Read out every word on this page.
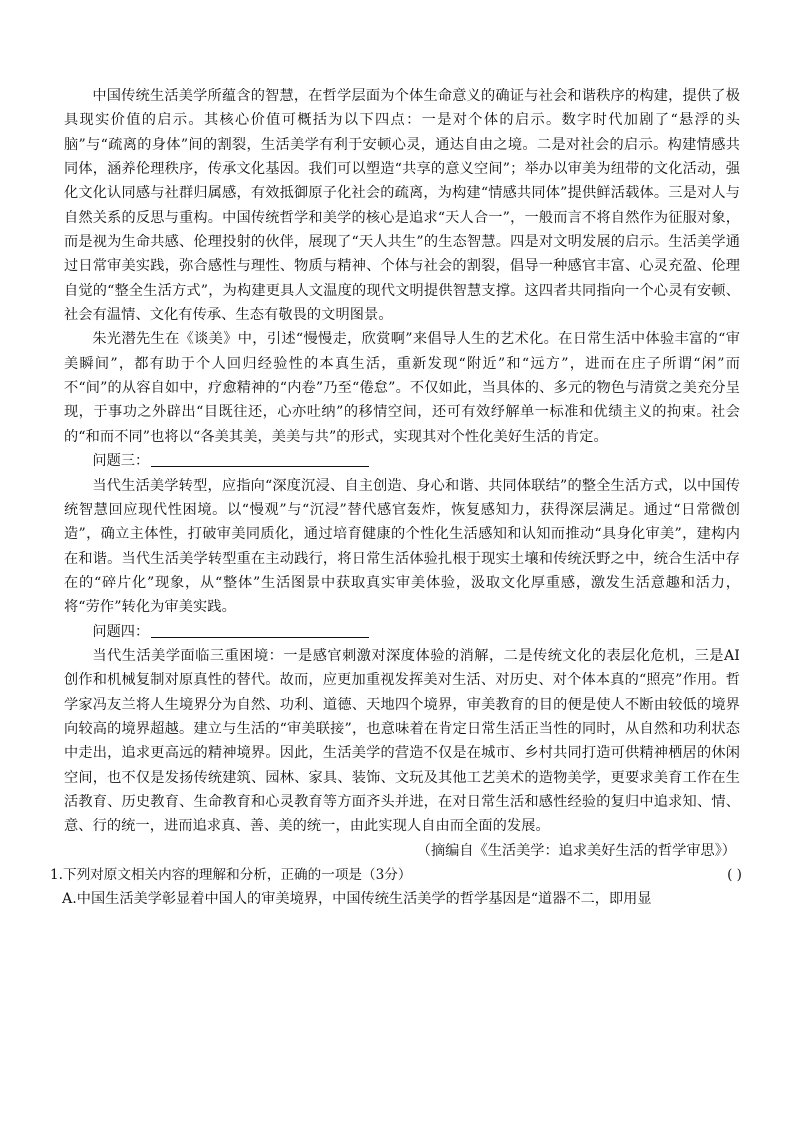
中国传统生活美学所蕴含的智慧，在哲学层面为个体生命意义的确证与社会和谐秩序的构建，提供了极具现实价值的启示。其核心价值可概括为以下四点：一是对个体的启示。数字时代加剧了“悬浮的头脑”与“疏离的身体”间的割裂，生活美学有利于安顿心灵，通达自由之境。二是对社会的启示。构建情感共同体，涵养伦理秩序，传承文化基因。我们可以塑造“共享的意义空间”；举办以审美为纽带的文化活动，强化文化认同感与社群归属感，有效抵御原子化社会的疏离，为构建“情感共同体”提供鲜活载体。三是对人与自然关系的反思与重构。中国传统哲学和美学的核心是追求“天人合一”，一般而言不将自然作为征服对象，而是视为生命共感、伦理投射的伙伴，展现了“天人共生”的生态智慧。四是对文明发展的启示。生活美学通过日常审美实践，弥合感性与理性、物质与精神、个体与社会的割裂，倡导一种感官丰富、心灵充盈、伦理自觉的“整全生活方式”，为构建更具人文温度的现代文明提供智慧支撑。这四者共同指向一个心灵有安顿、社会有温情、文化有传承、生态有敬畏的文明图景。

朱光潜先生在《谈美》中，引述“慢慢走，欣赏啊”来倡导人生的艺术化。在日常生活中体验丰富的“审美瞬间”，都有助于个人回归经验性的本真生活，重新发现“附近”和“远方”，进而在庄子所谓“闲”而不“间”的从容自如中，疗愈精神的“内卷”乃至“倦怠”。不仅如此，当具体的、多元的物色与清赏之美充分呈现，于事功之外辟出“目既往还，心亦吐纳”的移情空间，还可有效纾解单一标准和优绩主义的拘束。社会的“和而不同”也将以“各美其美，美美与共”的形式，实现其对个性化美好生活的肯定。

问题三：

当代生活美学转型，应指向“深度沉浸、自主创造、身心和谐、共同体联结”的整全生活方式，以中国传统智慧回应现代性困境。以“慢观”与“沉浸”替代感官轰炸，恢复感知力，获得深层满足。通过“日常微创造”，确立主体性，打破审美同质化，通过培育健康的个性化生活感知和认知而推动“具身化审美”，建构内在和谐。当代生活美学转型重在主动践行，将日常生活体验扎根于现实土壤和传统沃野之中，统合生活中存在的“碎片化”现象，从“整体”生活图景中获取真实审美体验，汲取文化厚重感，激发生活意趣和活力，将“劳作”转化为审美实践。

问题四：

当代生活美学面临三重困境：一是感官刺激对深度体验的消解，二是传统文化的表层化危机，三是AI 创作和机械复制对原真性的替代。故而，应更加重视发挥美对生活、对历史、对个体本真的“照亮”作用。哲学家冯友兰将人生境界分为自然、功利、道德、天地四个境界，审美教育的目的便是使人不断由较低的境界向较高的境界超越。建立与生活的“审美联接”，也意味着在肯定日常生活正当性的同时，从自然和功利状态中走出，追求更高远的精神境界。因此，生活美学的营造不仅是在城市、乡村共同打造可供精神栖居的休闲空间，也不仅是发扬传统建筑、园林、家具、装饰、文玩及其他工艺美术的造物美学，更要求美育工作在生活教育、历史教育、生命教育和心灵教育等方面齐头并进，在对日常生活和感性经验的复归中追求知、情、意、行的统一，进而追求真、善、美的统一，由此实现人自由而全面的发展。

（摘编自《生活美学：追求美好生活的哲学审思》）

1.下列对原文相关内容的理解和分析，正确的一项是（3分）	( )

A.中国生活美学彰显着中国人的审美境界，中国传统生活美学的哲学基因是“道器不二，即用显
